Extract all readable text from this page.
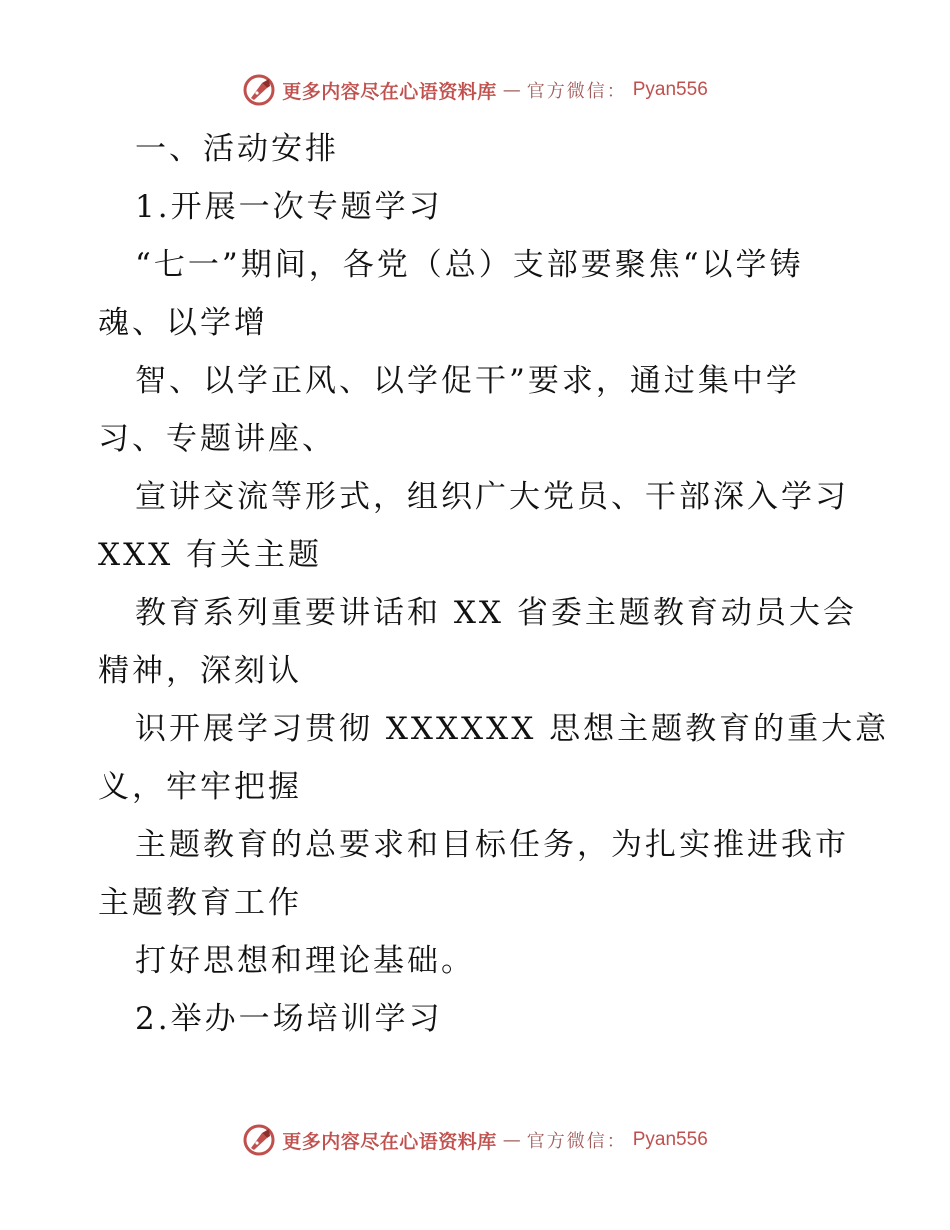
更多内容尽在心语资料库 — 官方微信： Pyan556
一、活动安排
1.开展一次专题学习
“七一”期间，各党（总）支部要聚焦“以学铸
魂、以学增
智、以学正风、以学促干”要求，通过集中学
习、专题讲座、
宣讲交流等形式，组织广大党员、干部深入学习
XXX 有关主题
教育系列重要讲话和 XX 省委主题教育动员大会
精神，深刻认
识开展学习贯彻 XXXXXX 思想主题教育的重大意
义，牢牢把握
主题教育的总要求和目标任务，为扎实推进我市
主题教育工作
打好思想和理论基础。
2.举办一场培训学习
更多内容尽在心语资料库 — 官方微信： Pyan556
